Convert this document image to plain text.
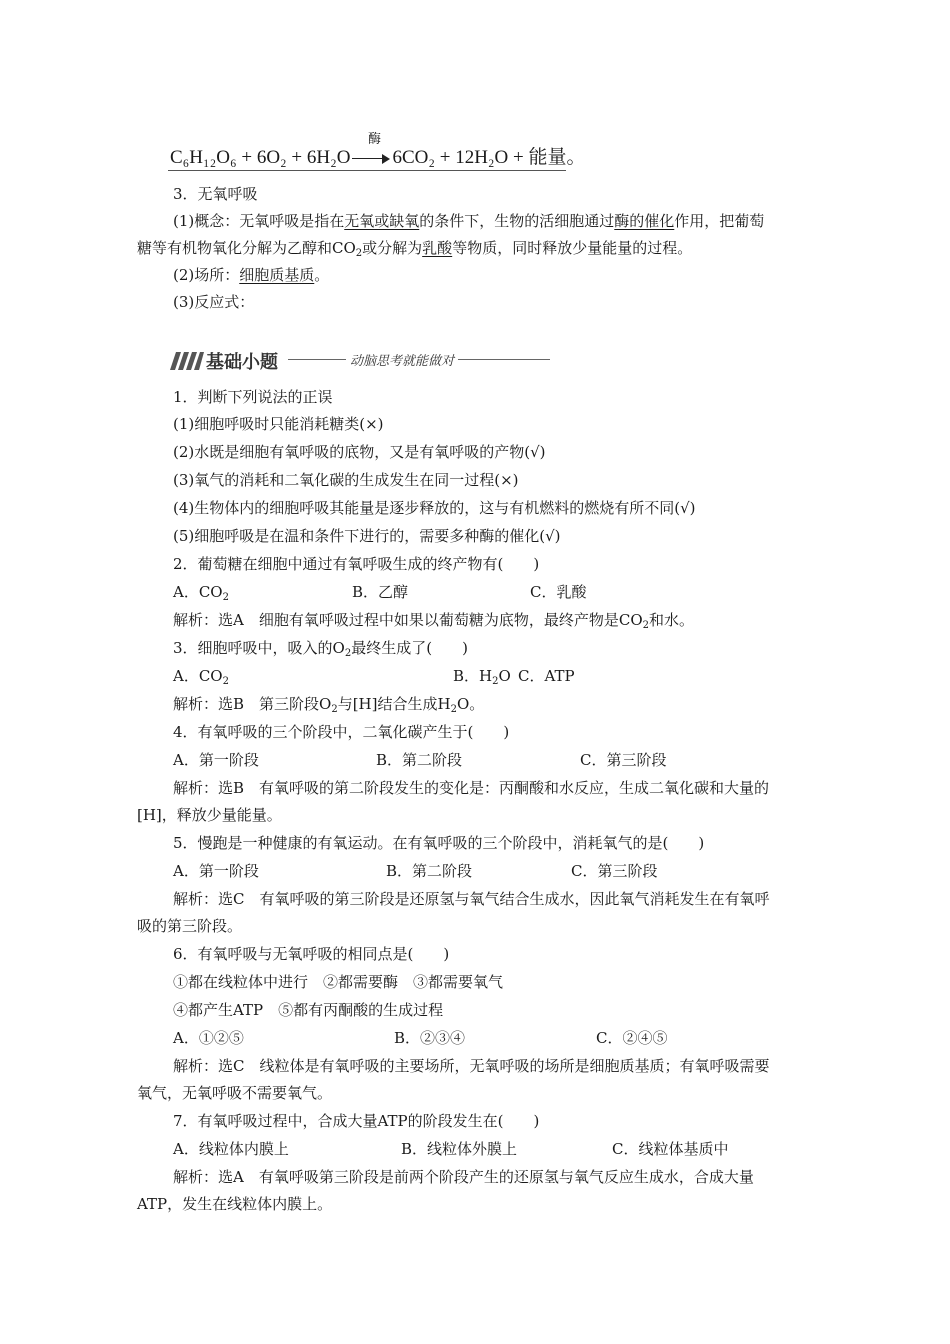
酶
C₆H₁₂O₆ + 6O₂ + 6H₂O 6CO₂ + 12H₂O + 能量。
3．无氧呼吸
(1)概念：无氧呼吸是指在无氧或缺氧的条件下，生物的活细胞通过酶的催化作用，把葡萄
糖等有机物氧化分解为乙醇和$CO_2$或分解为乳酸等物质，同时释放少量能量的过程。
(2)场所：细胞质基质。
(3)反应式：
基础小题	动脑思考就能做对
1．判断下列说法的正误
(1)细胞呼吸时只能消耗糖类(×)
(2)水既是细胞有氧呼吸的底物，又是有氧呼吸的产物(√)
(3)氧气的消耗和二氧化碳的生成发生在同一过程(×)
(4)生物体内的细胞呼吸其能量是逐步释放的，这与有机燃料的燃烧有所不同(√)
(5)细胞呼吸是在温和条件下进行的，需要多种酶的催化(√)
2．葡萄糖在细胞中通过有氧呼吸生成的终产物有(　　)
A．$CO_2$	B．乙醇	C．乳酸
解析：选A　细胞有氧呼吸过程中如果以葡萄糖为底物，最终产物是$CO_2$和水。
3．细胞呼吸中，吸入的$O_2$最终生成了(　　)
A．$CO_2$	B．$H_2O$ C．ATP
解析：选B　第三阶段$O_2$与[H]结合生成$H_2O$。
4．有氧呼吸的三个阶段中，二氧化碳产生于(　　)
A．第一阶段	B．第二阶段	C．第三阶段
解析：选B　有氧呼吸的第二阶段发生的变化是：丙酮酸和水反应，生成二氧化碳和大量的
[H]，释放少量能量。
5．慢跑是一种健康的有氧运动。在有氧呼吸的三个阶段中，消耗氧气的是(　　)
A．第一阶段	B．第二阶段	C．第三阶段
解析：选C　有氧呼吸的第三阶段是还原氢与氧气结合生成水，因此氧气消耗发生在有氧呼
吸的第三阶段。
6．有氧呼吸与无氧呼吸的相同点是(　　)
①都在线粒体中进行　②都需要酶　③都需要氧气
④都产生ATP　⑤都有丙酮酸的生成过程
A．①②⑤	B．②③④	C．②④⑤
解析：选C　线粒体是有氧呼吸的主要场所，无氧呼吸的场所是细胞质基质；有氧呼吸需要
氧气，无氧呼吸不需要氧气。
7．有氧呼吸过程中，合成大量ATP的阶段发生在(　　)
A．线粒体内膜上	B．线粒体外膜上	C．线粒体基质中
解析：选A　有氧呼吸第三阶段是前两个阶段产生的还原氢与氧气反应生成水，合成大量
ATP，发生在线粒体内膜上。
